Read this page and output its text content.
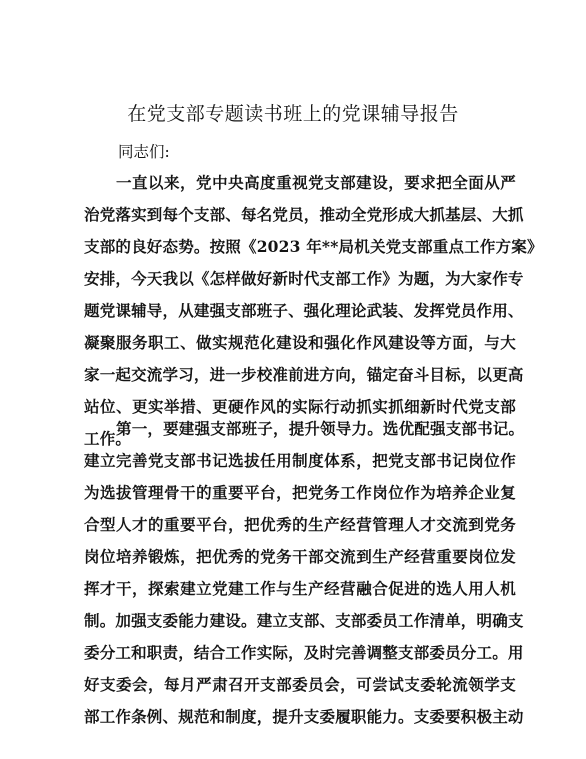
在党支部专题读书班上的党课辅导报告
同志们:
一直以来，党中央高度重视党支部建设，要求把全面从严
治党落实到每个支部、每名党员，推动全党形成大抓基层、大抓
支部的良好态势。按照《2023 年**局机关党支部重点工作方案》
安排，今天我以《怎样做好新时代支部工作》为题，为大家作专
题党课辅导，从建强支部班子、强化理论武装、发挥党员作用、
凝聚服务职工、做实规范化建设和强化作风建设等方面，与大
家一起交流学习，进一步校准前进方向，锚定奋斗目标，以更高
站位、更实举措、更硬作风的实际行动抓实抓细新时代党支部
工作。
第一，要建强支部班子，提升领导力。选优配强支部书记。
建立完善党支部书记选拔任用制度体系，把党支部书记岗位作
为选拔管理骨干的重要平台，把党务工作岗位作为培养企业复
合型人才的重要平台，把优秀的生产经营管理人才交流到党务
岗位培养锻炼，把优秀的党务干部交流到生产经营重要岗位发
挥才干，探索建立党建工作与生产经营融合促进的选人用人机
制。加强支委能力建设。建立支部、支部委员工作清单，明确支
委分工和职责，结合工作实际，及时完善调整支部委员分工。用
好支委会，每月严肃召开支部委员会，可尝试支委轮流领学支
部工作条例、规范和制度，提升支委履职能力。支委要积极主动
